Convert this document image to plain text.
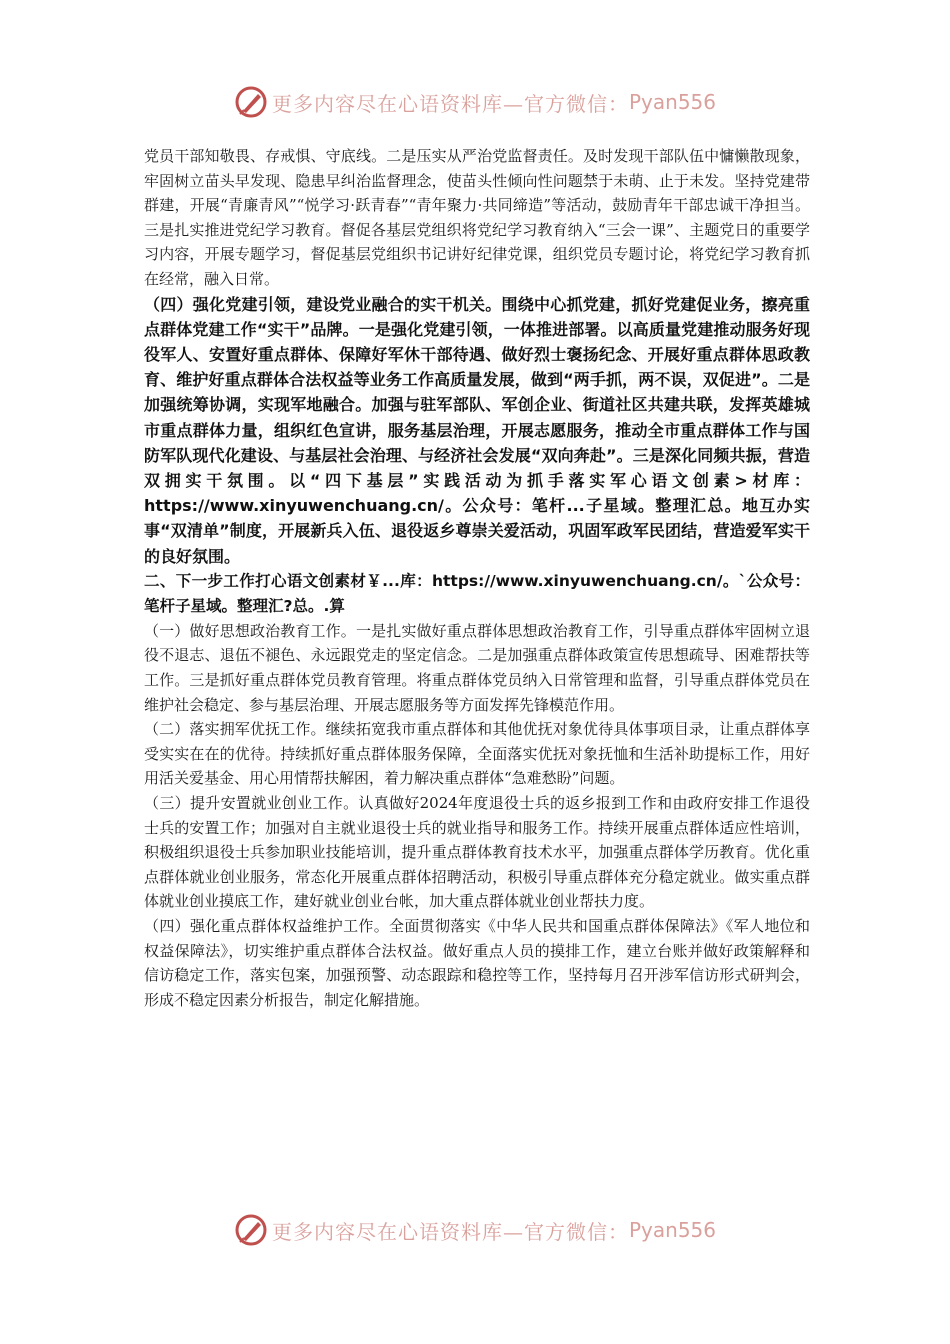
更多内容尽在心语资料库—官方微信： Pyan556

党员干部知敬畏、存戒惧、守底线。二是压实从严治党监督责任。及时发现干部队伍中慵懒散现象，牢固树立苗头早发现、隐患早纠治监督理念，使苗头性倾向性问题禁于未萌、止于未发。坚持党建带群建，开展“青廉青风”“悦学习·跃青春”“青年聚力·共同缔造”等活动，鼓励青年干部忠诚干净担当。三是扎实推进党纪学习教育。督促各基层党组织将党纪学习教育纳入“三会一课”、主题党日的重要学习内容，开展专题学习，督促基层党组织书记讲好纪律党课，组织党员专题讨论，将党纪学习教育抓在经常，融入日常。

（四）强化党建引领，建设党业融合的实干机关。围绕中心抓党建，抓好党建促业务，擦亮重点群体党建工作“实干”品牌。一是强化党建引领，一体推进部署。以高质量党建推动服务好现役军人、安置好重点群体、保障好军休干部待遇、做好烈士褒扬纪念、开展好重点群体思政教育、维护好重点群体合法权益等业务工作高质量发展，做到“两手抓，两不误，双促进”。二是加强统筹协调，实现军地融合。加强与驻军部队、军创企业、街道社区共建共联，发挥英雄城市重点群体力量，组织红色宣讲，服务基层治理，开展志愿服务，推动全市重点群体工作与国防军队现代化建设、与基层社会治理、与经济社会发展“双向奔赴”。三是深化同频共振，营造双拥实干氛围。以“四下基层”实践活动为抓手落实军心语文创素>材库：https://www.xinyuwenchuang.cn/。公众号：笔杆...子星域。整理汇总。地互办实事“双清单”制度，开展新兵入伍、退役返乡尊崇关爱活动，巩固军政军民团结，营造爱军实干的良好氛围。

二、下一步工作打心语文创素材￥...库：https://www.xinyuwenchuang.cn/。`公众号：笔杆子星域。整理汇?总。.算

（一）做好思想政治教育工作。一是扎实做好重点群体思想政治教育工作，引导重点群体牢固树立退役不退志、退伍不褪色、永远跟党走的坚定信念。二是加强重点群体政策宣传思想疏导、困难帮扶等工作。三是抓好重点群体党员教育管理。将重点群体党员纳入日常管理和监督，引导重点群体党员在维护社会稳定、参与基层治理、开展志愿服务等方面发挥先锋模范作用。

（二）落实拥军优抚工作。继续拓宽我市重点群体和其他优抚对象优待具体事项目录，让重点群体享受实实在在的优待。持续抓好重点群体服务保障，全面落实优抚对象抚恤和生活补助提标工作，用好用活关爱基金、用心用情帮扶解困，着力解决重点群体“急难愁盼”问题。

（三）提升安置就业创业工作。认真做好2024年度退役士兵的返乡报到工作和由政府安排工作退役士兵的安置工作；加强对自主就业退役士兵的就业指导和服务工作。持续开展重点群体适应性培训，积极组织退役士兵参加职业技能培训，提升重点群体教育技术水平，加强重点群体学历教育。优化重点群体就业创业服务，常态化开展重点群体招聘活动，积极引导重点群体充分稳定就业。做实重点群体就业创业摸底工作，建好就业创业台帐，加大重点群体就业创业帮扶力度。

（四）强化重点群体权益维护工作。全面贯彻落实《中华人民共和国重点群体保障法》《军人地位和权益保障法》，切实维护重点群体合法权益。做好重点人员的摸排工作，建立台账并做好政策解释和信访稳定工作，落实包案，加强预警、动态跟踪和稳控等工作，坚持每月召开涉军信访形式研判会，形成不稳定因素分析报告，制定化解措施。

更多内容尽在心语资料库—官方微信： Pyan556
